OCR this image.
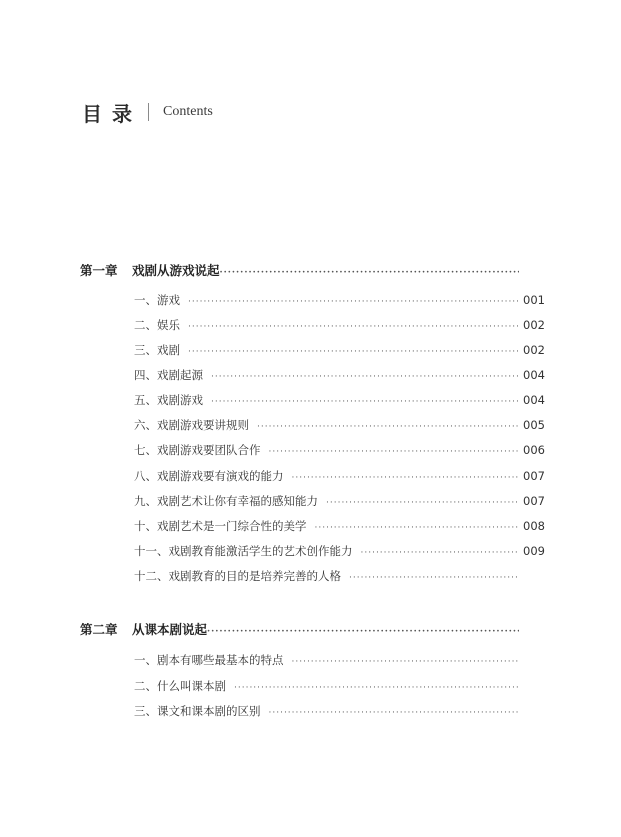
目录 Contents
第一章	戏剧从游戏说起
·····
一、游戏 ·····	001
二、娱乐 ·····	002
三、戏剧 ·····	002
四、戏剧起源 ·····	004
五、戏剧游戏 ·····	004
六、戏剧游戏要讲规则 ·····	005
七、戏剧游戏要团队合作 ·····	006
八、戏剧游戏要有演戏的能力 ·····	007
九、戏剧艺术让你有幸福的感知能力 ·····	007
十、戏剧艺术是一门综合性的美学 ·····	008
十一、戏剧教育能激活学生的艺术创作能力 ·····	009
十二、戏剧教育的目的是培养完善的人格
·····
第二章	从课本剧说起
·····
一、剧本有哪些最基本的特点
·····
二、什么叫课本剧
·····
三、课文和课本剧的区别
·····
